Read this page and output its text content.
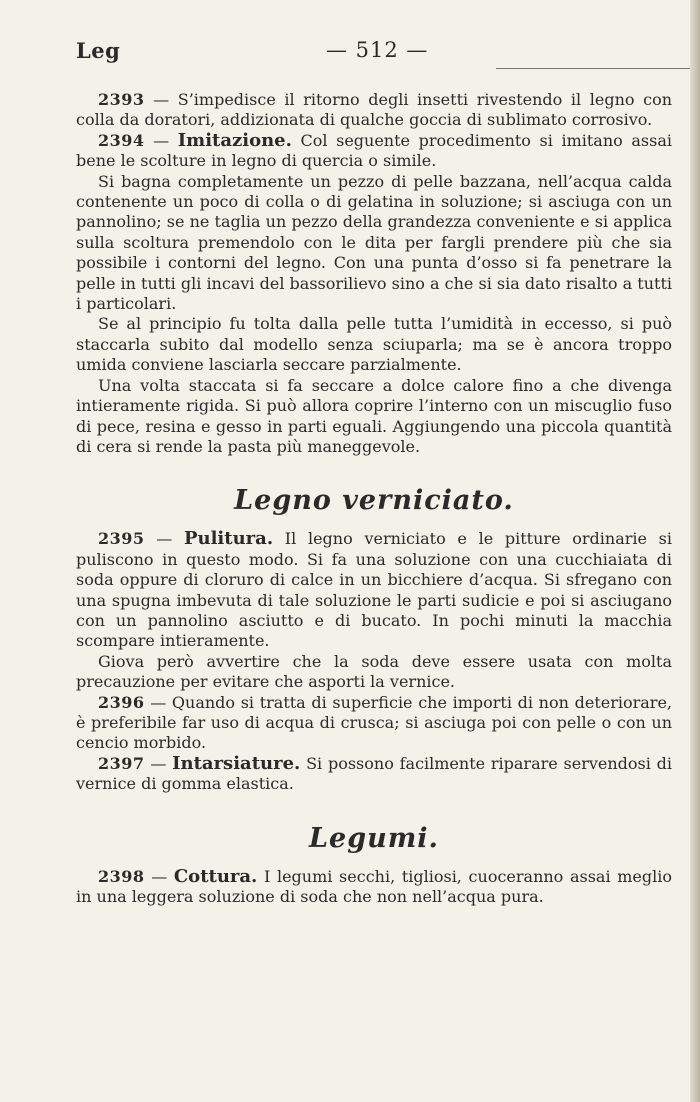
Leg	— 512 —

2393 — S’impedisce il ritorno degli insetti rivestendo il legno con colla da doratori, addizionata di qualche goccia di sublimato corrosivo.

2394 — Imitazione. Col seguente procedimento si imitano assai bene le scolture in legno di quercia o simile.

Si bagna completamente un pezzo di pelle bazzana, nell’acqua calda contenente un poco di colla o di gelatina in soluzione; si asciuga con un pannolino; se ne taglia un pezzo della grandezza conveniente e si applica sulla scoltura premendolo con le dita per fargli prendere più che sia possibile i contorni del legno. Con una punta d’osso si fa penetrare la pelle in tutti gli incavi del bassorilievo sino a che si sia dato risalto a tutti i particolari.

Se al principio fu tolta dalla pelle tutta l’umidità in eccesso, si può staccarla subito dal modello senza sciuparla; ma se è ancora troppo umida conviene lasciarla seccare parzialmente.

Una volta staccata si fa seccare a dolce calore fino a che divenga intieramente rigida. Si può allora coprire l’interno con un miscuglio fuso di pece, resina e gesso in parti eguali. Aggiungendo una piccola quantità di cera si rende la pasta più maneggevole.

Legno verniciato.

2395 — Pulitura. Il legno verniciato e le pitture ordinarie si puliscono in questo modo. Si fa una soluzione con una cucchiaiata di soda oppure di cloruro di calce in un bicchiere d’acqua. Si sfregano con una spugna imbevuta di tale soluzione le parti sudicie e poi si asciugano con un pannolino asciutto e di bucato. In pochi minuti la macchia scompare intieramente.

Giova però avvertire che la soda deve essere usata con molta precauzione per evitare che asporti la vernice.

2396 — Quando si tratta di superficie che importi di non deteriorare, è preferibile far uso di acqua di crusca; si asciuga poi con pelle o con un cencio morbido.

2397 — Intarsiature. Si possono facilmente riparare servendosi di vernice di gomma elastica.

Legumi.

2398 — Cottura. I legumi secchi, tigliosi, cuoceranno assai meglio in una leggera soluzione di soda che non nell’acqua pura.
